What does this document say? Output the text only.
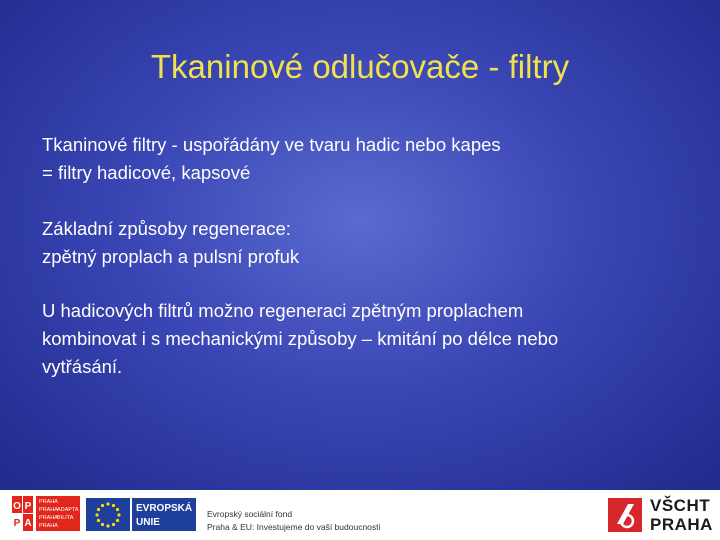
Tkaninové odlučovače - filtry

Tkaninové filtry - uspořádány ve tvaru hadic nebo kapes

= filtry hadicové, kapsové

Základní způsoby regenerace:

zpětný proplach a pulsní profuk

U hadicových filtrů možno regeneraci zpětným proplachem

kombinovat i s mechanickými způsoby – kmitání po délce nebo

vytřásání.

O P
P A
PRAHA
PRAHA ADAPTA
PRAHA BILITA
PRAHA
EVROPSKÁ
UNIE
Evropský sociální fond
Praha & EU: Investujeme do vaší budoucnosti
VŠCHT
PRAHA
